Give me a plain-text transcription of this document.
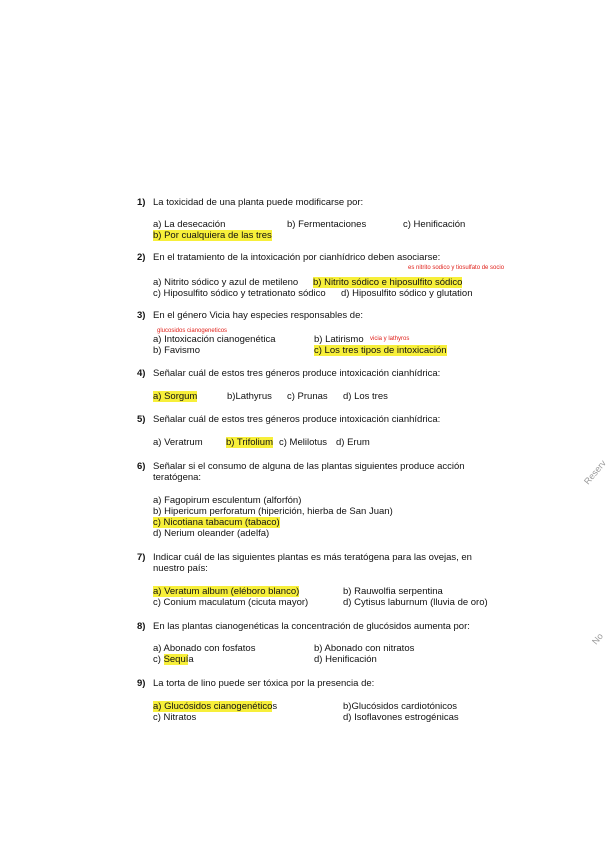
1) La toxicidad de una planta puede modificarse por:
a) La desecación	b) Fermentaciones	c) Henificación
b) Por cualquiera de las tres
2) En el tratamiento de la intoxicación por cianhídrico deben asociarse:
es nitrito sodico y tiosulfato de socio
a) Nitrito sódico y azul de metileno b) Nitrito sódico e hiposulfito sódico
c) Hiposulfito sódico y tetrationato sódico d) Hiposulfito sódico y glutation
3) En el género Vicia hay especies responsables de:
glucosidos cianogeneticos
a) Intoxicación cianogenética	b) Latirismo vicia y lathyros
b) Favismo	c) Los tres tipos de intoxicación
4) Señalar cuál de estos tres géneros produce intoxicación cianhídrica:
a) Sorgum	b)Lathyrus c) Prunas d) Los tres
5) Señalar cuál de estos tres géneros produce intoxicación cianhídrica:
a) Veratrum b) Trifolium c) Melilotus d) Erum
6) Señalar si el consumo de alguna de las plantas siguientes produce acción
teratógena:
a) Fagopirum esculentum (alforfón)
b) Hipericum perforatum (hiperición, hierba de San Juan)
c) Nicotiana tabacum (tabaco)
d) Nerium oleander (adelfa)
7) Indicar cuál de las siguientes plantas es más teratógena para las ovejas, en
nuestro país:
a) Veratum album (eléboro blanco)	b) Rauwolfia serpentina
c) Conium maculatum (cicuta mayor)	d) Cytisus laburnum (lluvia de oro)
8) En las plantas cianogenéticas la concentración de glucósidos aumenta por:
a) Abonado con fosfatos	b) Abonado con nitratos
c) Sequía	d) Henificación
9) La torta de lino puede ser tóxica por la presencia de:
a) Glucósidos cianogenéticos	b)Glucósidos cardiotónicos
c) Nitratos	d) Isoflavones estrogénicas
Reserv
No
